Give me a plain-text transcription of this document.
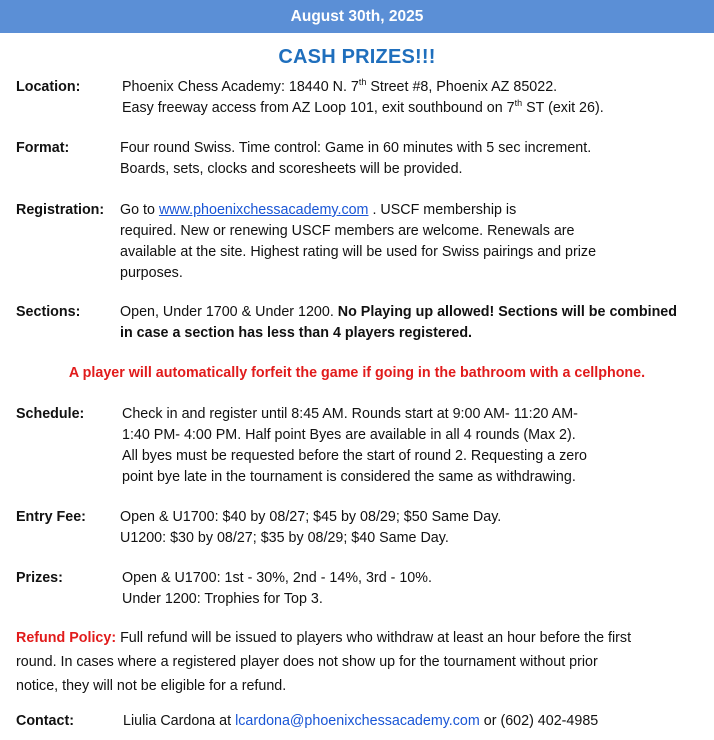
August 30th, 2025
CASH PRIZES!!!
Location:	Phoenix Chess Academy: 18440 N. 7th Street #8, Phoenix AZ 85022.

Easy freeway access from AZ Loop 101, exit southbound on 7th ST (exit 26).

Format:	Four round Swiss. Time control: Game in 60 minutes with 5 sec increment.

Boards, sets, clocks and scoresheets will be provided.

Registration: Go to www.phoenixchessacademy.com . USCF membership is

required. New or renewing USCF members are welcome. Renewals are

available at the site. Highest rating will be used for Swiss pairings and prize

purposes.

Sections:	Open, Under 1700 & Under 1200. No Playing up allowed! Sections will be combined

in case a section has less than 4 players registered.

A player will automatically forfeit the game if going in the bathroom with a cellphone.
Schedule:	Check in and register until 8:45 AM. Rounds start at 9:00 AM- 11:20 AM-

1:40 PM- 4:00 PM. Half point Byes are available in all 4 rounds (Max 2).

All byes must be requested before the start of round 2. Requesting a zero

point bye late in the tournament is considered the same as withdrawing.

Entry Fee: Open & U1700: $40 by 08/27; $45 by 08/29; $50 Same Day.

U1200: $30 by 08/27; $35 by 08/29; $40 Same Day.

Prizes:	Open & U1700: 1st - 30%, 2nd - 14%, 3rd - 10%.

Under 1200: Trophies for Top 3.

Refund Policy: Full refund will be issued to players who withdraw at least an hour before the first
round. In cases where a registered player does not show up for the tournament without prior
notice, they will not be eligible for a refund.
Contact:	Liulia Cardona at lcardona@phoenixchessacademy.com or (602) 402-4985
